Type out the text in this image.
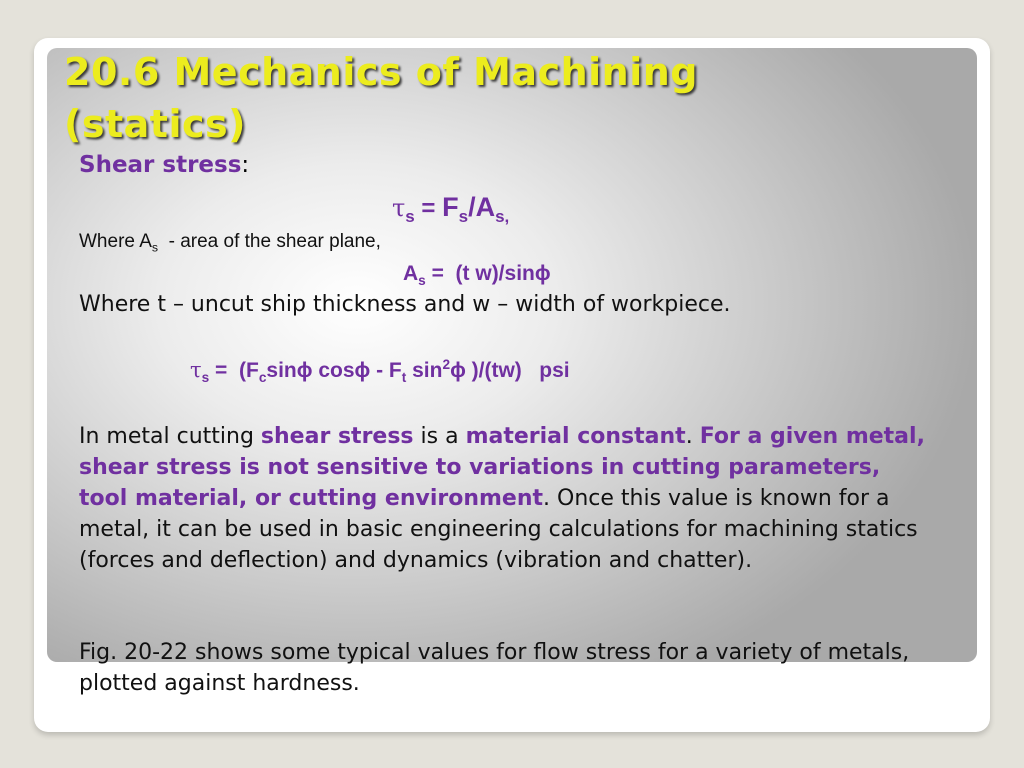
20.6 Mechanics of Machining
(statics)

Shear stress:

$\tau_s = F_s/A_{s,}$

Where $A_s$  - area of the shear plane,

$A_s = (t$ w)/sinϕ

Where t – uncut ship thickness and w – width of workpiece.

$\tau_s = (F_c\sin\phi$ cosϕ - $F_t$ $\sin^2\phi$ )/(tw)   psi

In metal cutting shear stress is a material constant. For a given metal, shear stress is not sensitive to variations in cutting parameters, tool material, or cutting environment. Once this value is known for a metal, it can be used in basic engineering calculations for machining statics (forces and deflection) and dynamics (vibration and chatter).

Fig. 20-22 shows some typical values for flow stress for a variety of metals, plotted against hardness.
